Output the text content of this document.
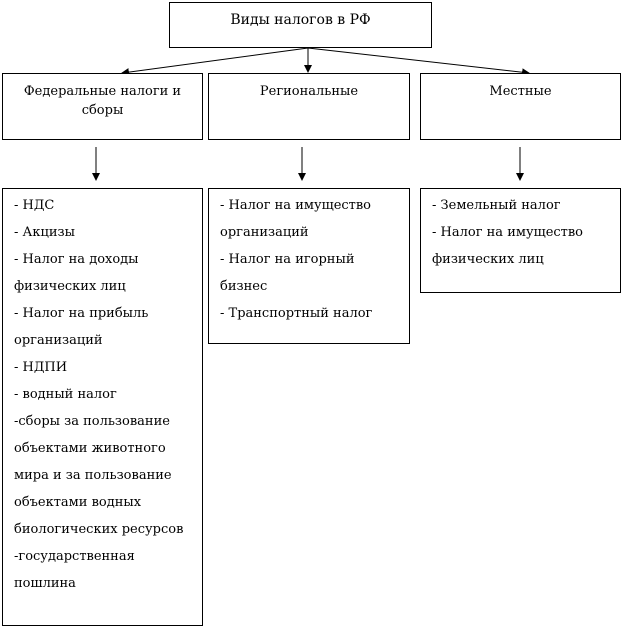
Виды налогов в РФ
Федеральные налоги и
сборы
Региональные	Местные
- НДС
- Акцизы
- Налог на доходы
физических лиц
- Налог на прибыль
организаций
- НДПИ
- водный налог
-сборы за пользование
объектами животного
мира и за пользование
объектами водных
биологических ресурсов
-государственная
пошлина
- Налог на имущество
организаций
- Налог на игорный
бизнес
- Транспортный налог
- Земельный налог
- Налог на имущество
физических лиц
